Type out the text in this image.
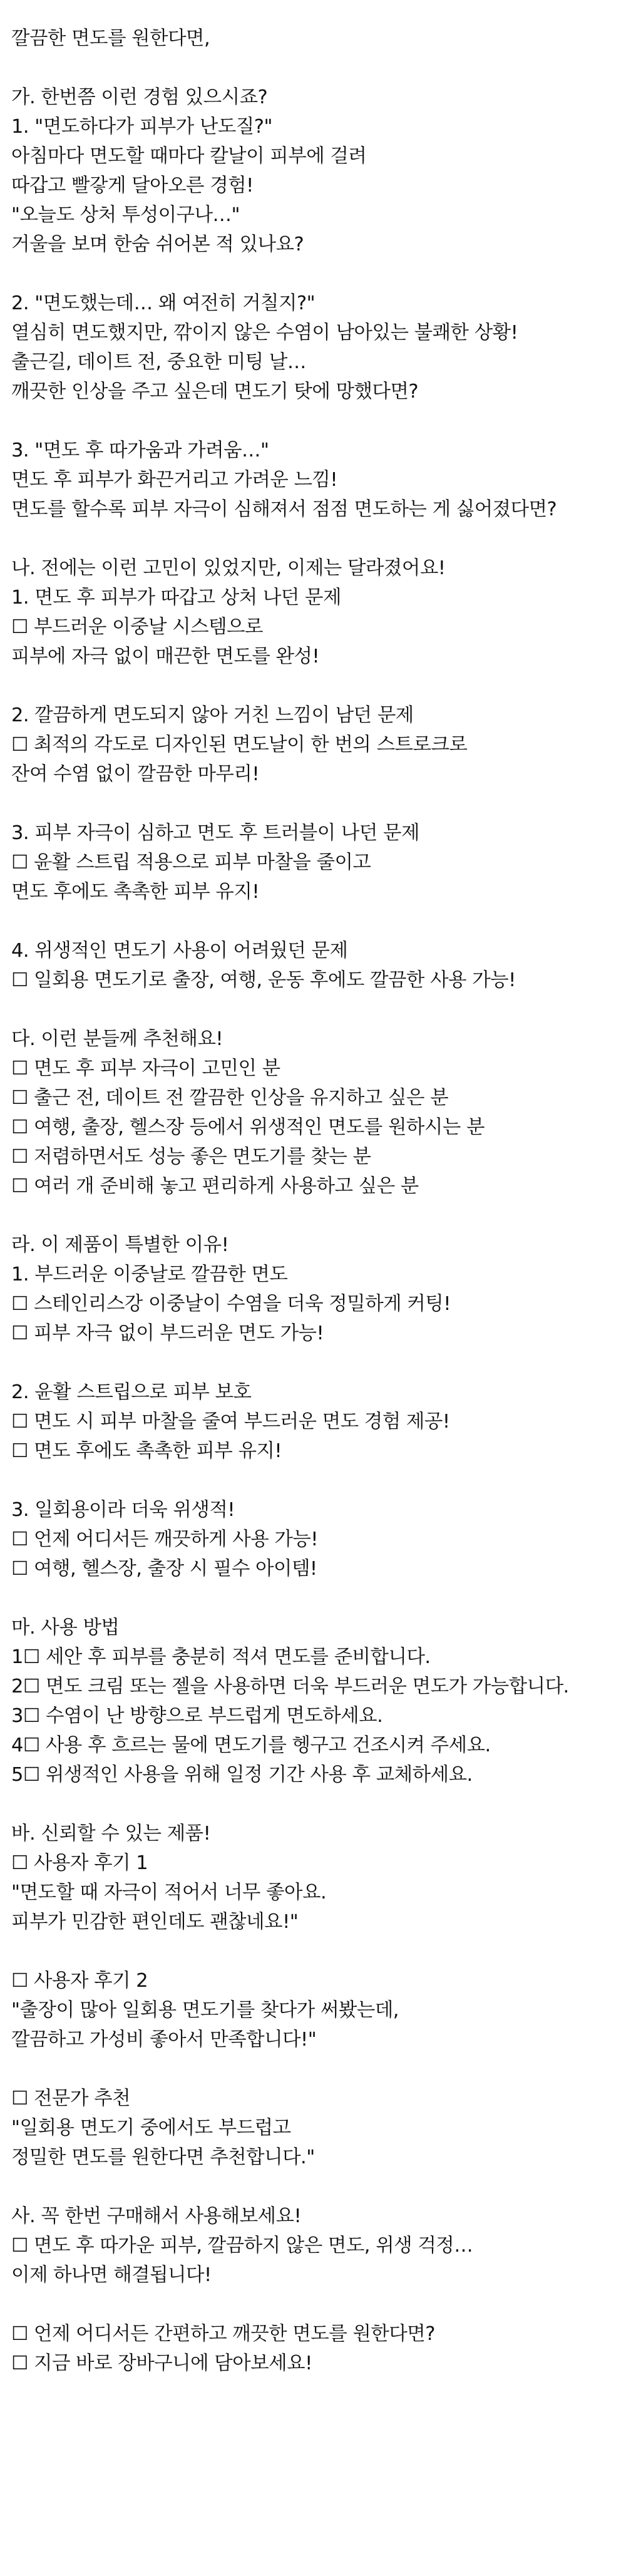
깔끔한 면도를 원한다면,
가. 한번쯤 이런 경험 있으시죠?
1. "면도하다가 피부가 난도질?"
아침마다 면도할 때마다 칼날이 피부에 걸려
따갑고 빨갛게 달아오른 경험!
"오늘도 상처 투성이구나…"
거울을 보며 한숨 쉬어본 적 있나요?
2. "면도했는데… 왜 여전히 거칠지?"
열심히 면도했지만, 깎이지 않은 수염이 남아있는 불쾌한 상황!
출근길, 데이트 전, 중요한 미팅 날…
깨끗한 인상을 주고 싶은데 면도기 탓에 망했다면?
3. "면도 후 따가움과 가려움…"
면도 후 피부가 화끈거리고 가려운 느낌!
면도를 할수록 피부 자극이 심해져서 점점 면도하는 게 싫어졌다면?
나. 전에는 이런 고민이 있었지만, 이제는 달라졌어요!
1. 면도 후 피부가 따갑고 상처 나던 문제
☐ 부드러운 이중날 시스템으로
피부에 자극 없이 매끈한 면도를 완성!
2. 깔끔하게 면도되지 않아 거친 느낌이 남던 문제
☐ 최적의 각도로 디자인된 면도날이 한 번의 스트로크로
잔여 수염 없이 깔끔한 마무리!
3. 피부 자극이 심하고 면도 후 트러블이 나던 문제
☐ 윤활 스트립 적용으로 피부 마찰을 줄이고
면도 후에도 촉촉한 피부 유지!
4. 위생적인 면도기 사용이 어려웠던 문제
☐ 일회용 면도기로 출장, 여행, 운동 후에도 깔끔한 사용 가능!
다. 이런 분들께 추천해요!
☐ 면도 후 피부 자극이 고민인 분
☐ 출근 전, 데이트 전 깔끔한 인상을 유지하고 싶은 분
☐ 여행, 출장, 헬스장 등에서 위생적인 면도를 원하시는 분
☐ 저렴하면서도 성능 좋은 면도기를 찾는 분
☐ 여러 개 준비해 놓고 편리하게 사용하고 싶은 분
라. 이 제품이 특별한 이유!
1. 부드러운 이중날로 깔끔한 면도
☐ 스테인리스강 이중날이 수염을 더욱 정밀하게 커팅!
☐ 피부 자극 없이 부드러운 면도 가능!
2. 윤활 스트립으로 피부 보호
☐ 면도 시 피부 마찰을 줄여 부드러운 면도 경험 제공!
☐ 면도 후에도 촉촉한 피부 유지!
3. 일회용이라 더욱 위생적!
☐ 언제 어디서든 깨끗하게 사용 가능!
☐ 여행, 헬스장, 출장 시 필수 아이템!
마. 사용 방법
1☐ 세안 후 피부를 충분히 적셔 면도를 준비합니다.
2☐ 면도 크림 또는 젤을 사용하면 더욱 부드러운 면도가 가능합니다.
3☐ 수염이 난 방향으로 부드럽게 면도하세요.
4☐ 사용 후 흐르는 물에 면도기를 헹구고 건조시켜 주세요.
5☐ 위생적인 사용을 위해 일정 기간 사용 후 교체하세요.
바. 신뢰할 수 있는 제품!
☐ 사용자 후기 1
"면도할 때 자극이 적어서 너무 좋아요.
피부가 민감한 편인데도 괜찮네요!"
☐ 사용자 후기 2
"출장이 많아 일회용 면도기를 찾다가 써봤는데,
깔끔하고 가성비 좋아서 만족합니다!"
☐ 전문가 추천
"일회용 면도기 중에서도 부드럽고
정밀한 면도를 원한다면 추천합니다."
사. 꼭 한번 구매해서 사용해보세요!
☐ 면도 후 따가운 피부, 깔끔하지 않은 면도, 위생 걱정…
이제 하나면 해결됩니다!
☐ 언제 어디서든 간편하고 깨끗한 면도를 원한다면?
☐ 지금 바로 장바구니에 담아보세요!
